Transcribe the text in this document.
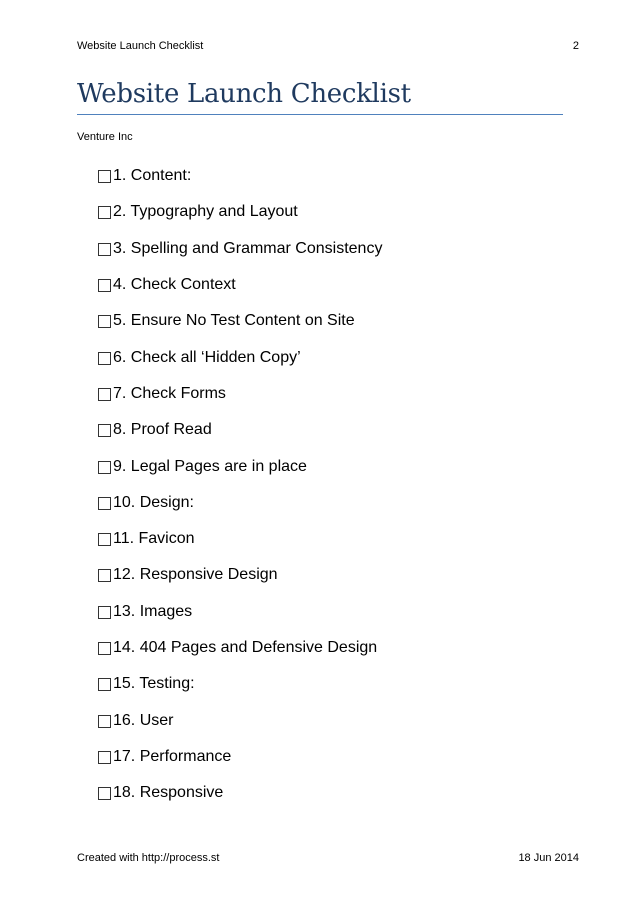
Website Launch Checklist	2
Website Launch Checklist
Venture Inc
1. Content:
2. Typography and Layout
3. Spelling and Grammar Consistency
4. Check Context
5. Ensure No Test Content on Site
6. Check all ‘Hidden Copy’
7. Check Forms
8. Proof Read
9. Legal Pages are in place
10. Design:
11. Favicon
12. Responsive Design
13. Images
14. 404 Pages and Defensive Design
15. Testing:
16. User
17. Performance
18. Responsive
Created with http://process.st	18 Jun 2014
